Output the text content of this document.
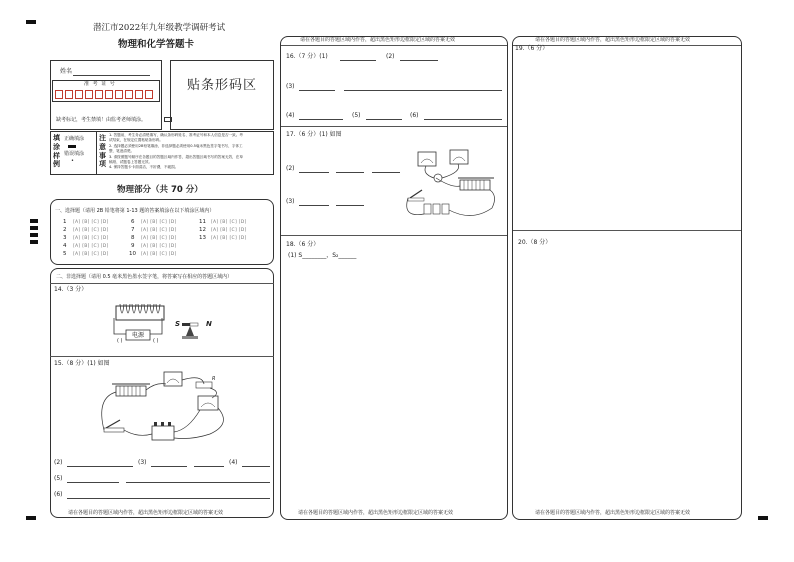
潜江市2022年九年级教学调研考试
物理和化学答题卡
姓名
准 考 证 号	贴条形码区
缺考标记，考生禁填！由监考老师填涂。
填涂样例
正确填涂
错误填涂
•
注意事项
1. 答题前，考生务必清楚填写，确认条形码姓名、准考证号和本人信息是否一致。考
试结束，在规定位置粘贴条形码。
2. 选择题必须使用2B铅笔填涂，非选择题必须使用0.5毫米黑色签字笔书写，字体工
整、笔迹清楚。
3. 请按照题号顺序在各题目的答题区域内作答，超出答题区域书写的答案无效，在草
稿纸、试题卷上答题无效。
4. 保持答题卡卡面清洁，不折叠，不破损。
物理部分（共 70 分）
一、选择题（请用 2B 铅笔将第 1-13 题的答案填涂在以下填涂区域内）
1 [A] [B] [C] [D]
2 [A] [B] [C] [D]
3 [A] [B] [C] [D]
4 [A] [B] [C] [D]
5 [A] [B] [C] [D]
6 [A] [B] [C] [D]
7 [A] [B] [C] [D]
8 [A] [B] [C] [D]
9 [A] [B] [C] [D]
10 [A] [B] [C] [D]
11 [A] [B] [C] [D]
12 [A] [B] [C] [D]
13 [A] [B] [C] [D]
二、非选择题（请用 0.5 毫米黑色墨水签字笔，将答案写在相应的答题区域内）
14.（3 分）
电源
( )	( )
S	N
15.（8 分）(1) 如图
R
(2)	(3)	(4)
(5)
(6)
请在各题目的答题区域内作答，超出黑色矩形边框限定区域的答案无效
请在各题目的答题区域内作答，超出黑色矩形边框限定区域的答案无效
16.（7 分）(1)	(2)
(3)
(4)	(5)	(6)
17.（6 分）(1) 如图
(2)
(3)
18.（6 分）
(1) S________，S₂______
请在各题目的答题区域内作答，超出黑色矩形边框限定区域的答案无效
请在各题目的答题区域内作答，超出黑色矩形边框限定区域的答案无效
19.（6 分）
20.（8 分）
请在各题目的答题区域内作答，超出黑色矩形边框限定区域的答案无效
